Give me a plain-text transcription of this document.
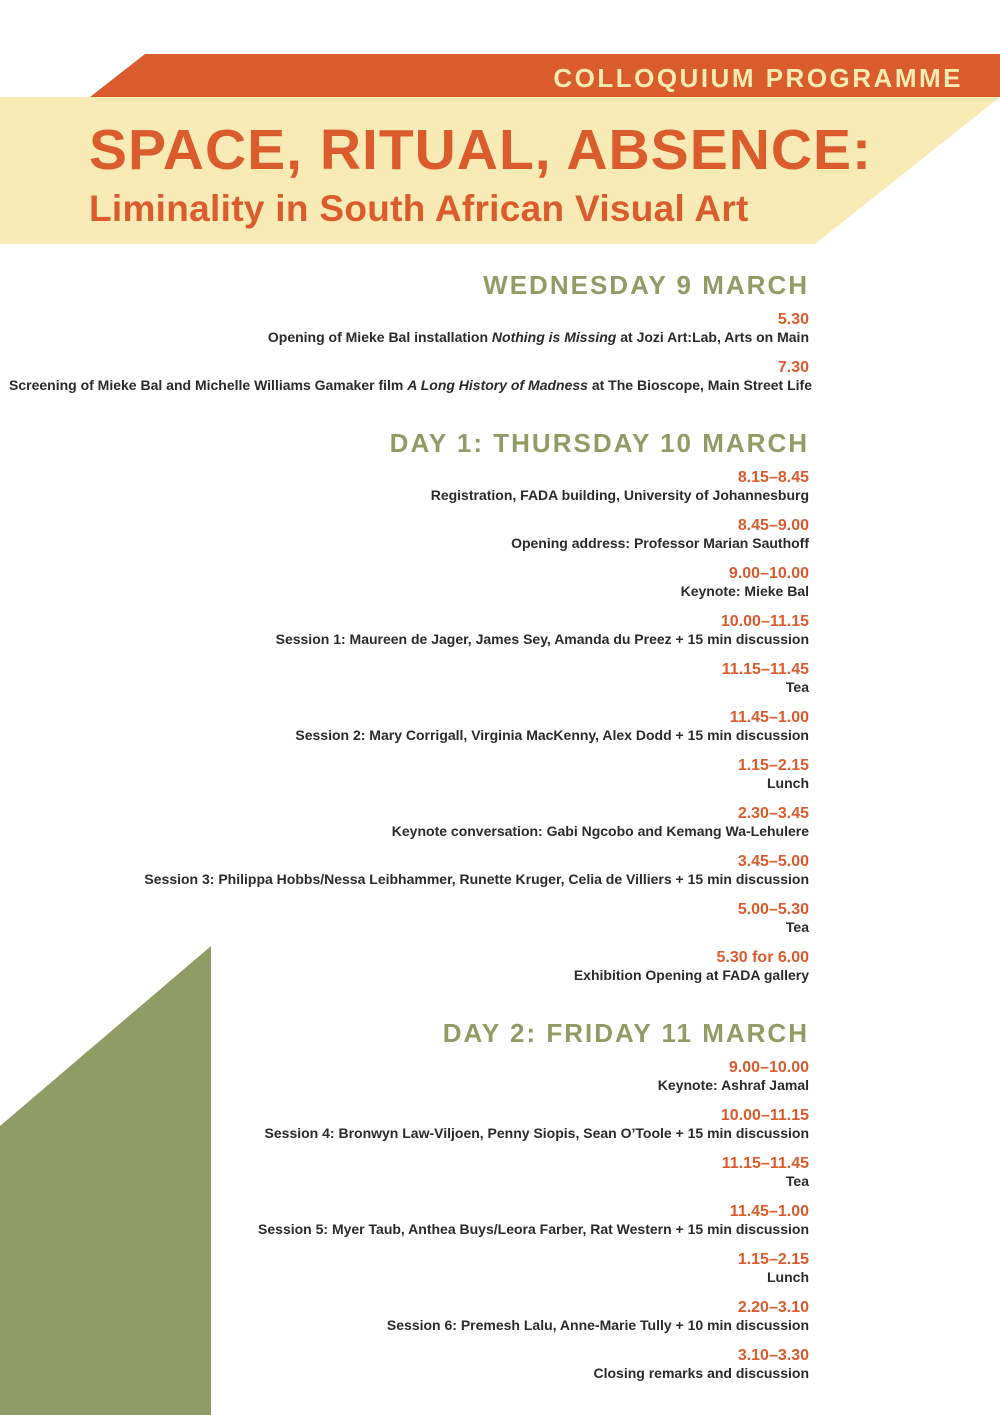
COLLOQUIUM PROGRAMME
SPACE, RITUAL, ABSENCE:
Liminality in South African Visual Art
WEDNESDAY 9 MARCH
5.30
Opening of Mieke Bal installation Nothing is Missing at Jozi Art:Lab, Arts on Main
7.30
Screening of Mieke Bal and Michelle Williams Gamaker film A Long History of Madness at The Bioscope, Main Street Life
DAY 1: THURSDAY 10 MARCH
8.15–8.45
Registration, FADA building, University of Johannesburg
8.45–9.00
Opening address: Professor Marian Sauthoff
9.00–10.00
Keynote: Mieke Bal
10.00–11.15
Session 1: Maureen de Jager, James Sey, Amanda du Preez + 15 min discussion
11.15–11.45
Tea
11.45–1.00
Session 2: Mary Corrigall, Virginia MacKenny, Alex Dodd + 15 min discussion
1.15–2.15
Lunch
2.30–3.45
Keynote conversation: Gabi Ngcobo and Kemang Wa-Lehulere
3.45–5.00
Session 3: Philippa Hobbs/Nessa Leibhammer, Runette Kruger, Celia de Villiers + 15 min discussion
5.00–5.30
Tea
5.30 for 6.00
Exhibition Opening at FADA gallery
DAY 2: FRIDAY 11 MARCH
9.00–10.00
Keynote: Ashraf Jamal
10.00–11.15
Session 4: Bronwyn Law-Viljoen, Penny Siopis, Sean O’Toole + 15 min discussion
11.15–11.45
Tea
11.45–1.00
Session 5: Myer Taub, Anthea Buys/Leora Farber, Rat Western + 15 min discussion
1.15–2.15
Lunch
2.20–3.10
Session 6: Premesh Lalu, Anne-Marie Tully + 10 min discussion
3.10–3.30
Closing remarks and discussion
